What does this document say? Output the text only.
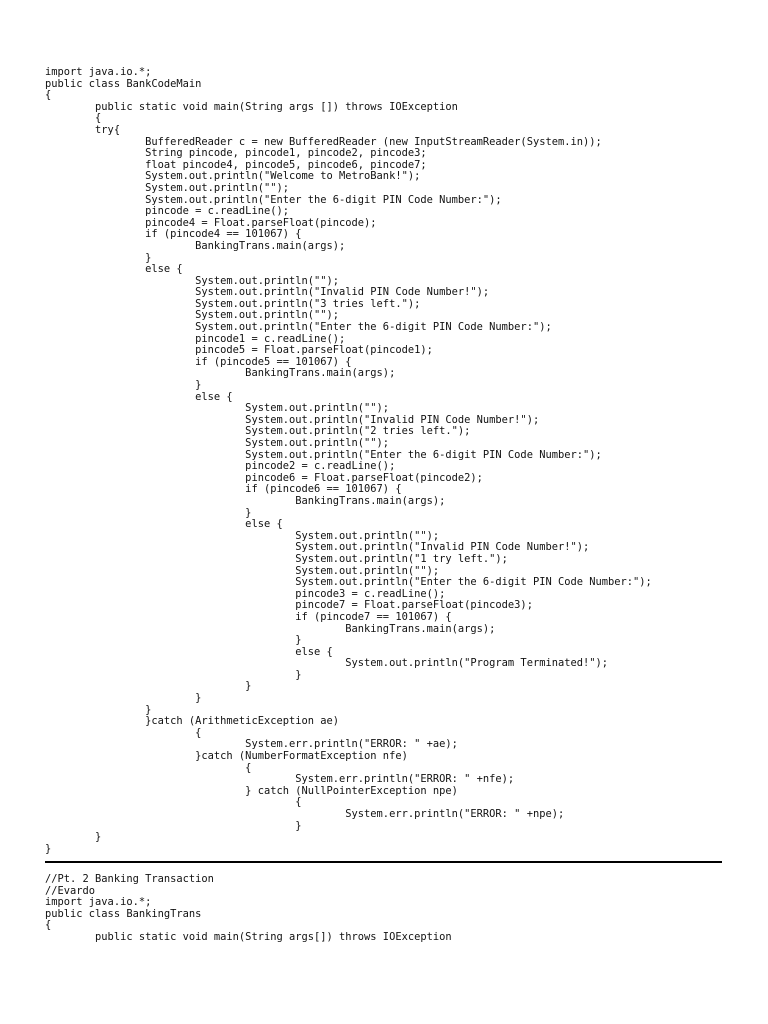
import java.io.*;
public class BankCodeMain
{
public static void main(String args []) throws IOException
{
try{
BufferedReader c = new BufferedReader (new InputStreamReader(System.in));
String pincode, pincode1, pincode2, pincode3;
float pincode4, pincode5, pincode6, pincode7;
System.out.println("Welcome to MetroBank!");
System.out.println("");
System.out.println("Enter the 6-digit PIN Code Number:");
pincode = c.readLine();
pincode4 = Float.parseFloat(pincode);
if (pincode4 == 101067) {
BankingTrans.main(args);
}
else {
System.out.println("");
System.out.println("Invalid PIN Code Number!");
System.out.println("3 tries left.");
System.out.println("");
System.out.println("Enter the 6-digit PIN Code Number:");
pincode1 = c.readLine();
pincode5 = Float.parseFloat(pincode1);
if (pincode5 == 101067) {
BankingTrans.main(args);
}
else {
System.out.println("");
System.out.println("Invalid PIN Code Number!");
System.out.println("2 tries left.");
System.out.println("");
System.out.println("Enter the 6-digit PIN Code Number:");
pincode2 = c.readLine();
pincode6 = Float.parseFloat(pincode2);
if (pincode6 == 101067) {
BankingTrans.main(args);
}
else {
System.out.println("");
System.out.println("Invalid PIN Code Number!");
System.out.println("1 try left.");
System.out.println("");
System.out.println("Enter the 6-digit PIN Code Number:");
pincode3 = c.readLine();
pincode7 = Float.parseFloat(pincode3);
if (pincode7 == 101067) {
BankingTrans.main(args);
}
else {
System.out.println("Program Terminated!");
}
}
}
}
}catch (ArithmeticException ae)
{
System.err.println("ERROR: " +ae);
}catch (NumberFormatException nfe)
{
System.err.println("ERROR: " +nfe);
} catch (NullPointerException npe)
{
System.err.println("ERROR: " +npe);
}
}
}
//Pt. 2 Banking Transaction
//Evardo
import java.io.*;
public class BankingTrans
{
public static void main(String args[]) throws IOException
